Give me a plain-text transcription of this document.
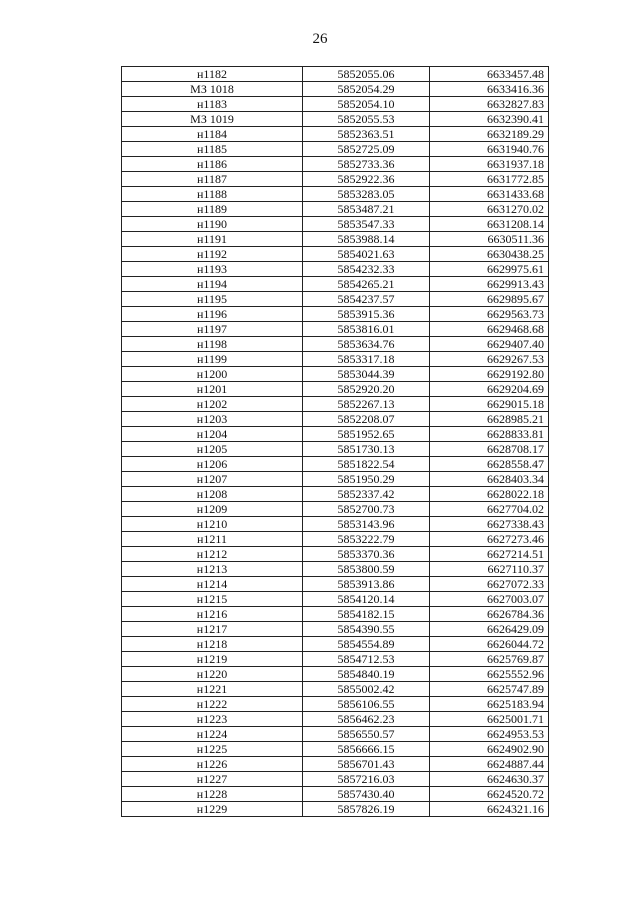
26
н1182	5852055.06	6633457.48
МЗ 1018	5852054.29	6633416.36
н1183	5852054.10	6632827.83
МЗ 1019	5852055.53	6632390.41
н1184	5852363.51	6632189.29
н1185	5852725.09	6631940.76
н1186	5852733.36	6631937.18
н1187	5852922.36	6631772.85
н1188	5853283.05	6631433.68
н1189	5853487.21	6631270.02
н1190	5853547.33	6631208.14
н1191	5853988.14	6630511.36
н1192	5854021.63	6630438.25
н1193	5854232.33	6629975.61
н1194	5854265.21	6629913.43
н1195	5854237.57	6629895.67
н1196	5853915.36	6629563.73
н1197	5853816.01	6629468.68
н1198	5853634.76	6629407.40
н1199	5853317.18	6629267.53
н1200	5853044.39	6629192.80
н1201	5852920.20	6629204.69
н1202	5852267.13	6629015.18
н1203	5852208.07	6628985.21
н1204	5851952.65	6628833.81
н1205	5851730.13	6628708.17
н1206	5851822.54	6628558.47
н1207	5851950.29	6628403.34
н1208	5852337.42	6628022.18
н1209	5852700.73	6627704.02
н1210	5853143.96	6627338.43
н1211	5853222.79	6627273.46
н1212	5853370.36	6627214.51
н1213	5853800.59	6627110.37
н1214	5853913.86	6627072.33
н1215	5854120.14	6627003.07
н1216	5854182.15	6626784.36
н1217	5854390.55	6626429.09
н1218	5854554.89	6626044.72
н1219	5854712.53	6625769.87
н1220	5854840.19	6625552.96
н1221	5855002.42	6625747.89
н1222	5856106.55	6625183.94
н1223	5856462.23	6625001.71
н1224	5856550.57	6624953.53
н1225	5856666.15	6624902.90
н1226	5856701.43	6624887.44
н1227	5857216.03	6624630.37
н1228	5857430.40	6624520.72
н1229	5857826.19	6624321.16
